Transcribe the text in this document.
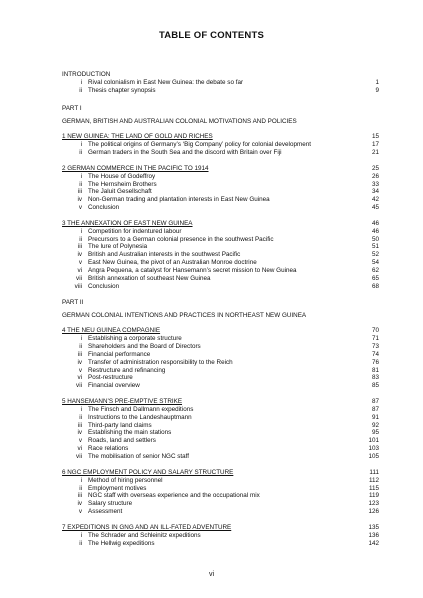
TABLE OF CONTENTS
INTRODUCTION
i Rival colonialism in East New Guinea: the debate so far	1
ii Thesis chapter synopsis	9
PART I
GERMAN, BRITISH AND AUSTRALIAN COLONIAL MOTIVATIONS AND POLICIES
1 NEW GUINEA: THE LAND OF GOLD AND RICHES	15
i The political origins of Germany’s ‘Big Company’ policy for colonial development	17
ii German traders in the South Sea and the discord with Britain over Fiji	21
2 GERMAN COMMERCE IN THE PACIFIC TO 1914	25
i The House of Godeffroy	26
ii The Hernsheim Brothers	33
iii The Jaluit Gesellschaft	34
iv Non-German trading and plantation interests in East New Guinea	42
v Conclusion	45
3 THE ANNEXATION OF EAST NEW GUINEA	46
i Competition for indentured labour	46
ii Precursors to a German colonial presence in the southwest Pacific	50
iii The lure of Polynesia	51
iv British and Australian interests in the southwest Pacific	52
v East New Guinea, the pivot of an Australian Monroe doctrine	54
vi Angra Pequena, a catalyst for Hansemann’s secret mission to New Guinea	62
vii British annexation of southeast New Guinea	65
viii Conclusion	68
PART II
GERMAN COLONIAL INTENTIONS AND PRACTICES IN NORTHEAST NEW GUINEA
4 THE NEU GUINEA COMPAGNIE	70
i Establishing a corporate structure	71
ii Shareholders and the Board of Directors	73
iii Financial performance	74
iv Transfer of administration responsibility to the Reich	76
v Restructure and refinancing	81
vi Post-restructure	83
vii Financial overview	85
5 HANSEMANN’S PRE-EMPTIVE STRIKE	87
i The Finsch and Dallmann expeditions	87
ii Instructions to the Landeshauptmann	91
iii Third-party land claims	92
iv Establishing the main stations	95
v Roads, land and settlers	101
vi Race relations	103
vii The mobilisation of senior NGC staff	105
6 NGC EMPLOYMENT POLICY AND SALARY STRUCTURE	111
i Method of hiring personnel	112
ii Employment motives	115
iii NGC staff with overseas experience and the occupational mix	119
iv Salary structure	123
v Assessment	126
7 EXPEDITIONS IN GNG AND AN ILL-FATED ADVENTURE	135
i The Schrader and Schleinitz expeditions	136
ii The Hellwig expeditions	142
vi
